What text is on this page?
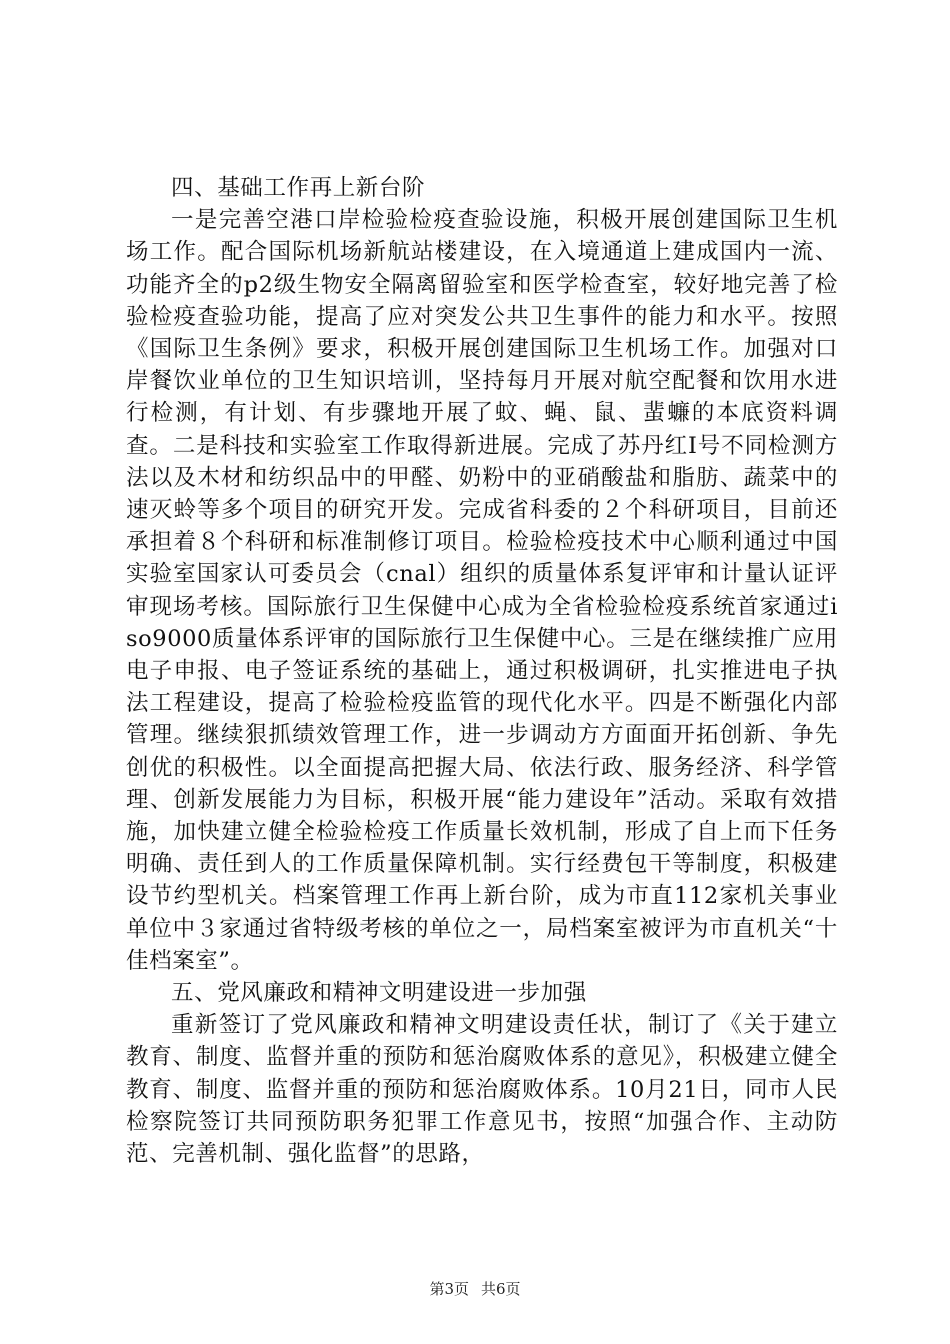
四、基础工作再上新台阶

一是完善空港口岸检验检疫查验设施，积极开展创建国际卫生机场工作。配合国际机场新航站楼建设，在入境通道上建成国内一流、功能齐全的p2级生物安全隔离留验室和医学检查室，较好地完善了检验检疫查验功能，提高了应对突发公共卫生事件的能力和水平。按照《国际卫生条例》要求，积极开展创建国际卫生机场工作。加强对口岸餐饮业单位的卫生知识培训，坚持每月开展对航空配餐和饮用水进行检测，有计划、有步骤地开展了蚊、蝇、鼠、蜚蠊的本底资料调查。二是科技和实验室工作取得新进展。完成了苏丹红Ⅰ号不同检测方法以及木材和纺织品中的甲醛、奶粉中的亚硝酸盐和脂肪、蔬菜中的速灭蛉等多个项目的研究开发。完成省科委的２个科研项目，目前还承担着８个科研和标准制修订项目。检验检疫技术中心顺利通过中国实验室国家认可委员会（cnal）组织的质量体系复评审和计量认证评审现场考核。国际旅行卫生保健中心成为全省检验检疫系统首家通过iso9000质量体系评审的国际旅行卫生保健中心。三是在继续推广应用电子申报、电子签证系统的基础上，通过积极调研，扎实推进电子执法工程建设，提高了检验检疫监管的现代化水平。四是不断强化内部管理。继续狠抓绩效管理工作，进一步调动方方面面开拓创新、争先创优的积极性。以全面提高把握大局、依法行政、服务经济、科学管理、创新发展能力为目标，积极开展“能力建设年”活动。采取有效措施，加快建立健全检验检疫工作质量长效机制，形成了自上而下任务明确、责任到人的工作质量保障机制。实行经费包干等制度，积极建设节约型机关。档案管理工作再上新台阶，成为市直112家机关事业单位中３家通过省特级考核的单位之一，局档案室被评为市直机关“十佳档案室”。

五、党风廉政和精神文明建设进一步加强

重新签订了党风廉政和精神文明建设责任状，制订了《关于建立教育、制度、监督并重的预防和惩治腐败体系的意见》，积极建立健全教育、制度、监督并重的预防和惩治腐败体系。10月21日，同市人民检察院签订共同预防职务犯罪工作意见书，按照“加强合作、主动防范、完善机制、强化监督”的思路，

第3页 共6页
